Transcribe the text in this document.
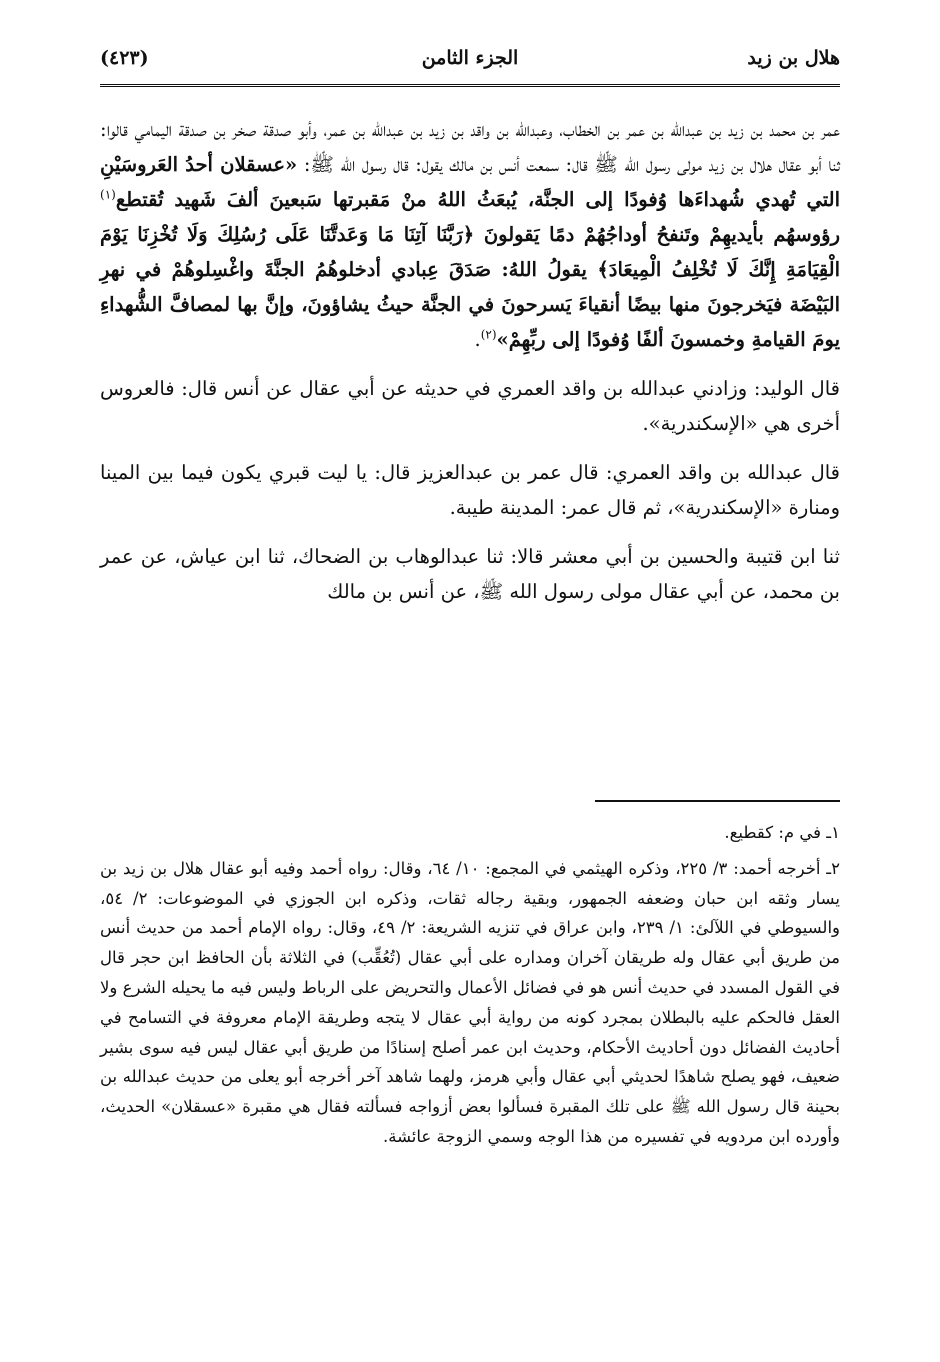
هلال بن زيد
الجزء الثامن
(٤٢٣)

عمر بن محمد بن زيد بن عبدالله بن عمر بن الخطاب، وعبدالله بن واقد بن زيد بن عبدالله بن عمر، وأبو صدقة صخر بن صدقة اليمامي قالوا: ثنا أبو عقال هلال بن زيد مولى رسول الله ﷺ قال: سمعت أنس بن مالك يقول: قال رسول الله ﷺ: «عسقلان أحدُ العَروسَيْنِ التي تُهدي شُهداءَها وُفودًا إلى الجنَّة، يُبعَثُ اللهُ منْ مَقبرتها سَبعينَ ألفَ شَهيد تُقتطع$^{(١)}$ رؤوسهُم بأيديهِمْ وتَنفحُ أوداجُهُمْ دمًا يَقولونَ ﴿رَبَّنَا آتِنَا مَا وَعَدتَّنَا عَلَى رُسُلِكَ وَلَا تُخْزِنَا يَوْمَ الْقِيَامَةِ إِنَّكَ لَا تُخْلِفُ الْمِيعَادَ﴾ يقولُ اللهُ: صَدَقَ عِبادي أدخلوهُمُ الجنَّةَ واغْسِلوهُمْ في نهرِ البَيْضَة فيَخرجونَ منها بيضًا أنقياءَ يَسرحونَ في الجنَّة حيثُ يشاؤونَ، وإنَّ بها لمصافَّ الشُّهداءِ يومَ القيامةِ وخمسونَ ألفًا وُفودًا إلى ربِّهِمْ»$^{(٢)}$.

قال الوليد: وزادني عبدالله بن واقد العمري في حديثه عن أبي عقال عن أنس قال: فالعروس أخرى هي «الإسكندرية».

قال عبدالله بن واقد العمري: قال عمر بن عبدالعزيز قال: يا ليت قبري يكون فيما بين المينا ومنارة «الإسكندرية»، ثم قال عمر: المدينة طيبة.

ثنا ابن قتيبة والحسين بن أبي معشر قالا: ثنا عبدالوهاب بن الضحاك، ثنا ابن عياش، عن عمر بن محمد، عن أبي عقال مولى رسول الله ﷺ، عن أنس بن مالك

١ـ في م: كقطيع.

٢ـ أخرجه أحمد: ٣/ ٢٢٥، وذكره الهيثمي في المجمع: ١٠/ ٦٤، وقال: رواه أحمد وفيه أبو عقال هلال بن زيد بن يسار وثقه ابن حبان وضعفه الجمهور، وبقية رجاله ثقات، وذكره ابن الجوزي في الموضوعات: ٢/ ٥٤، والسيوطي في اللآلئ: ١/ ٢٣٩، وابن عراق في تنزيه الشريعة: ٢/ ٤٩، وقال: رواه الإمام أحمد من حديث أنس من طريق أبي عقال وله طريقان آخران ومداره على أبي عقال (تُعُقِّب) في الثلاثة بأن الحافظ ابن حجر قال في القول المسدد في حديث أنس هو في فضائل الأعمال والتحريض على الرباط وليس فيه ما يحيله الشرع ولا العقل فالحكم عليه بالبطلان بمجرد كونه من رواية أبي عقال لا يتجه وطريقة الإمام معروفة في التسامح في أحاديث الفضائل دون أحاديث الأحكام، وحديث ابن عمر أصلح إسنادًا من طريق أبي عقال ليس فيه سوى بشير ضعيف، فهو يصلح شاهدًا لحديثي أبي عقال وأبي هرمز، ولهما شاهد آخر أخرجه أبو يعلى من حديث عبدالله بن بحينة قال رسول الله ﷺ على تلك المقبرة فسألوا بعض أزواجه فسألته فقال هي مقبرة «عسقلان» الحديث، وأورده ابن مردويه في تفسيره من هذا الوجه وسمي الزوجة عائشة.
